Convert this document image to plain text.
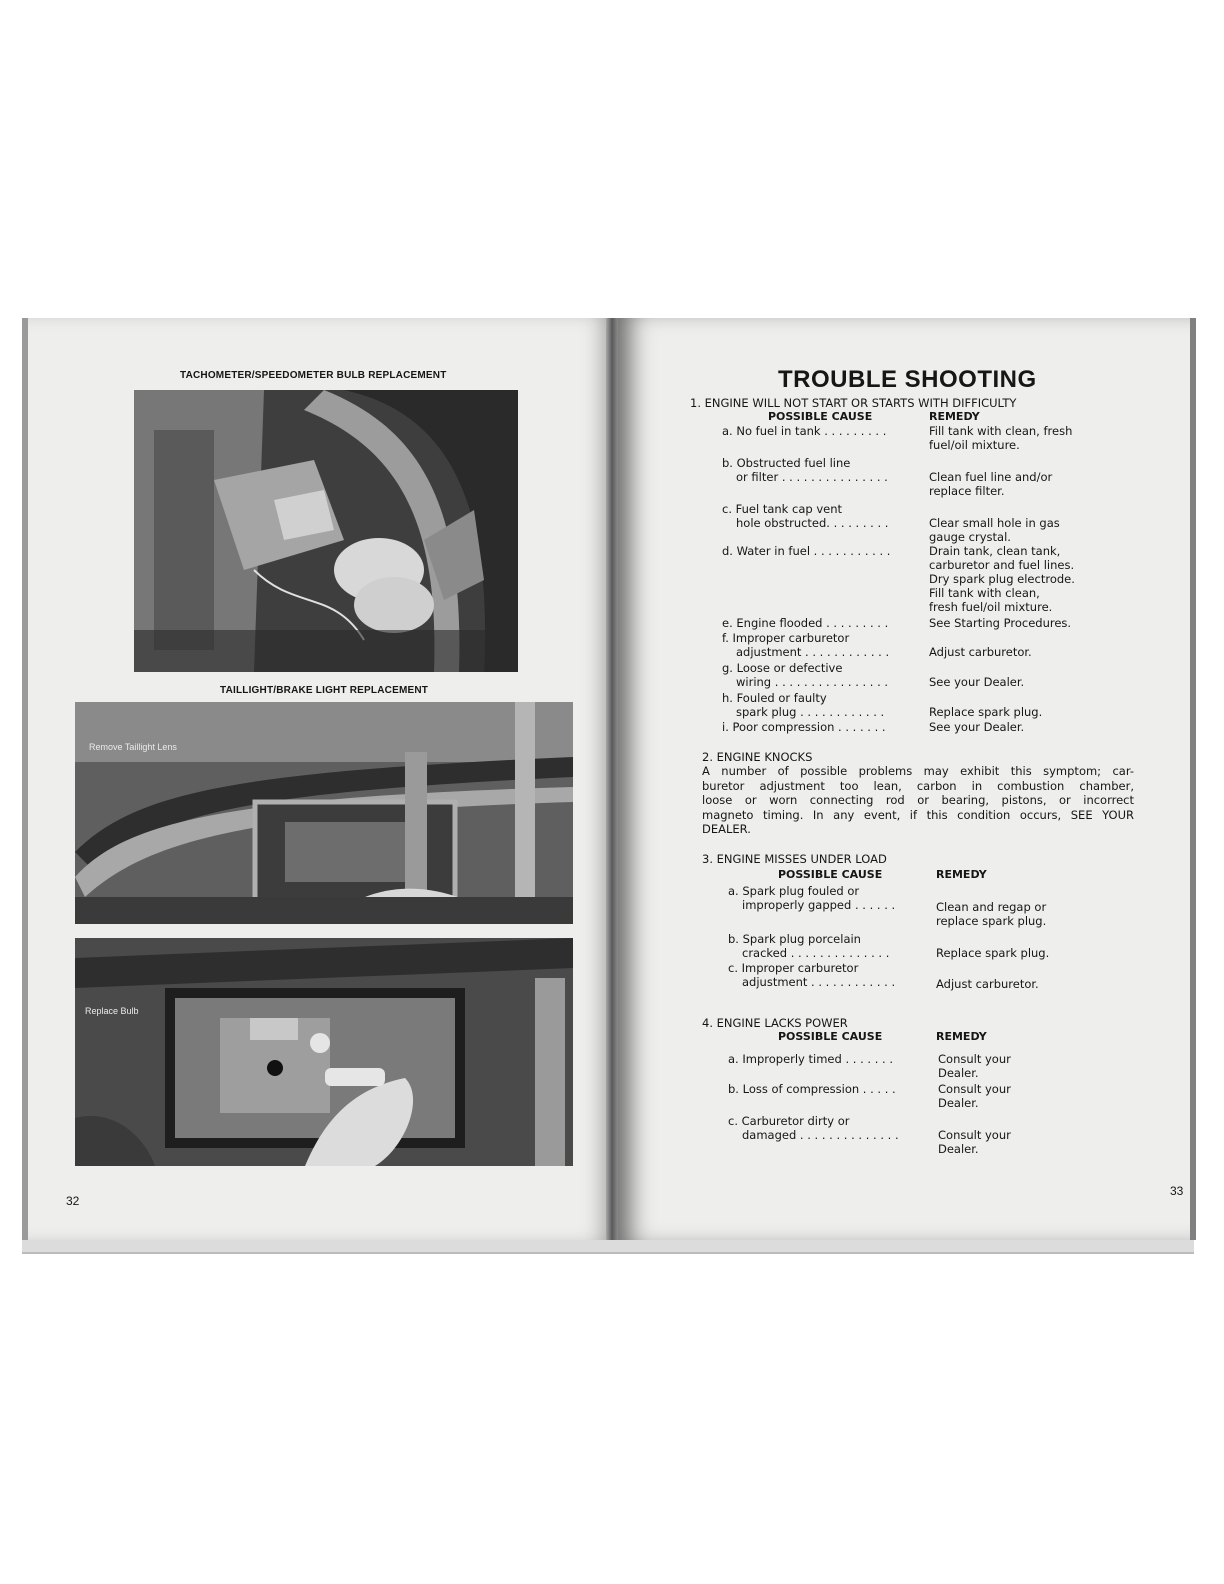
TACHOMETER/SPEEDOMETER BULB REPLACEMENT
TAILLIGHT/BRAKE LIGHT REPLACEMENT
Remove Taillight Lens
Replace Bulb
32
TROUBLE SHOOTING
1. ENGINE WILL NOT START OR STARTS WITH DIFFICULTY
POSSIBLE CAUSE	REMEDY
a. No fuel in tank . . . . . . . . .	Fill tank with clean, fresh
fuel/oil mixture.
b. Obstructed fuel line
or filter . . . . . . . . . . . . . . .	Clean fuel line and/or
replace filter.
c. Fuel tank cap vent
hole obstructed. . . . . . . . .	Clear small hole in gas
gauge crystal.
d. Water in fuel . . . . . . . . . . .	Drain tank, clean tank,
carburetor and fuel lines.
Dry spark plug electrode.
Fill tank with clean,
fresh fuel/oil mixture.
e. Engine flooded . . . . . . . . .	See Starting Procedures.
f. Improper carburetor
adjustment . . . . . . . . . . . .	Adjust carburetor.
g. Loose or defective
wiring . . . . . . . . . . . . . . . .	See your Dealer.
h. Fouled or faulty
spark plug . . . . . . . . . . . .	Replace spark plug.
i. Poor compression . . . . . . .	See your Dealer.
2. ENGINE KNOCKS
A number of possible problems may exhibit this symptom; car-
buretor adjustment too lean, carbon in combustion chamber,
loose or worn connecting rod or bearing, pistons, or incorrect
magneto timing. In any event, if this condition occurs, SEE YOUR
DEALER.
3. ENGINE MISSES UNDER LOAD
POSSIBLE CAUSE	REMEDY
a. Spark plug fouled or
improperly gapped . . . . . .	Clean and regap or
replace spark plug.
b. Spark plug porcelain
cracked . . . . . . . . . . . . . .	Replace spark plug.
c. Improper carburetor
adjustment . . . . . . . . . . . .	Adjust carburetor.
4. ENGINE LACKS POWER
POSSIBLE CAUSE	REMEDY
a. Improperly timed . . . . . . .	Consult your
Dealer.
b. Loss of compression . . . . .	Consult your
Dealer.
c. Carburetor dirty or
damaged . . . . . . . . . . . . . .	Consult your
Dealer.
33
